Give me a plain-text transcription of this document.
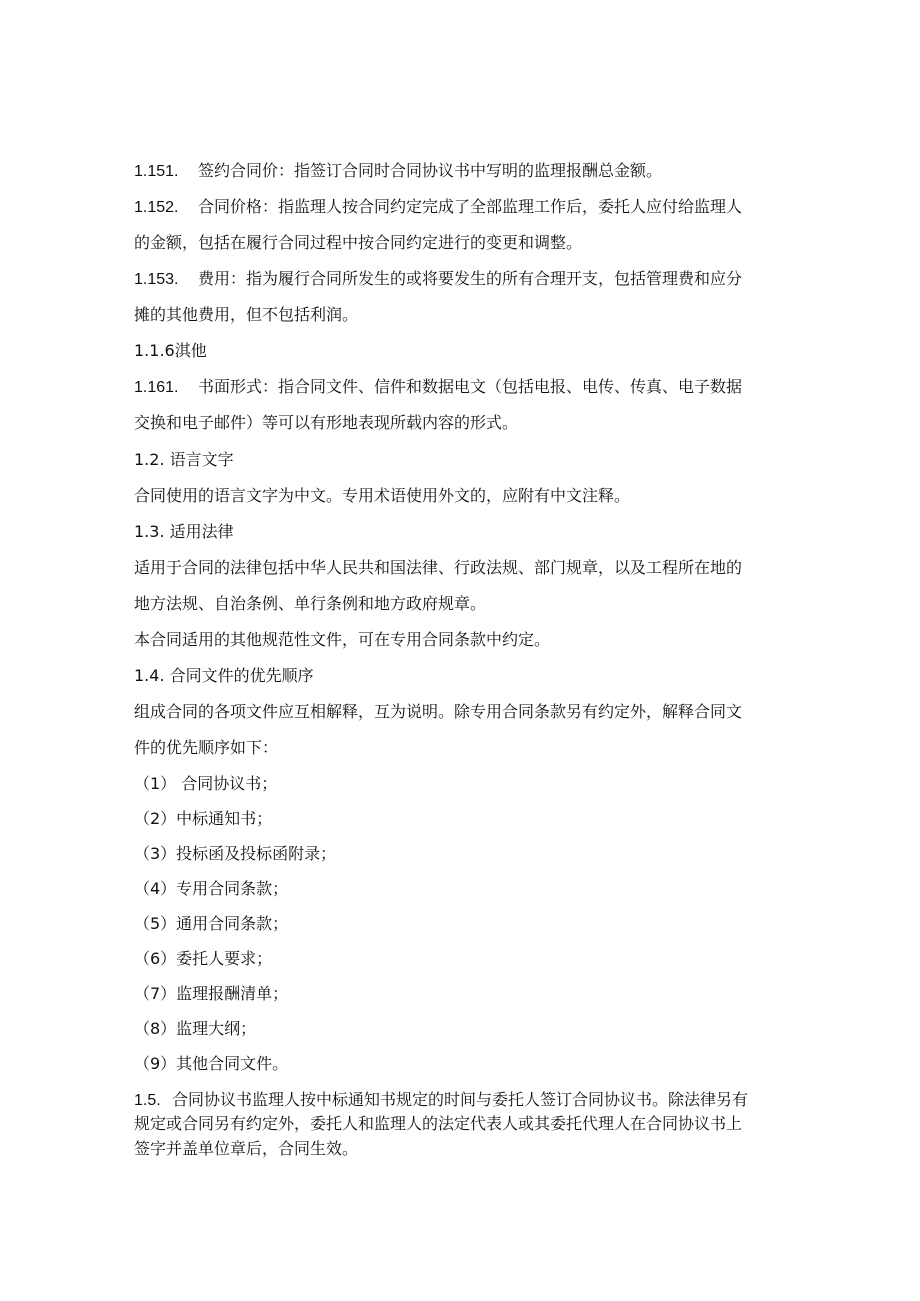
1.151. 签约合同价：指签订合同时合同协议书中写明的监理报酬总金额。
1.152. 合同价格：指监理人按合同约定完成了全部监理工作后，委托人应付给监理人
的金额，包括在履行合同过程中按合同约定进行的变更和调整。
1.153. 费用：指为履行合同所发生的或将要发生的所有合理开支，包括管理费和应分
摊的其他费用，但不包括利润。
1.1.6淇他
1.161. 书面形式：指合同文件、信件和数据电文（包括电报、电传、传真、电子数据
交换和电子邮件）等可以有形地表现所载内容的形式。
1.2. 语言文字
合同使用的语言文字为中文。专用术语使用外文的，应附有中文注释。
1.3. 适用法律
适用于合同的法律包括中华人民共和国法律、行政法规、部门规章，以及工程所在地的
地方法规、自治条例、单行条例和地方政府规章。
本合同适用的其他规范性文件，可在专用合同条款中约定。
1.4. 合同文件的优先顺序
组成合同的各项文件应互相解释，互为说明。除专用合同条款另有约定外，解释合同文
件的优先顺序如下：
（1） 合同协议书；
（2）中标通知书；
（3）投标函及投标函附录；
（4）专用合同条款；
（5）通用合同条款；
（6）委托人要求；
（7）监理报酬清单；
（8）监理大纲；
（9）其他合同文件。
1.5. 合同协议书监理人按中标通知书规定的时间与委托人签订合同协议书。除法律另有
规定或合同另有约定外，委托人和监理人的法定代表人或其委托代理人在合同协议书上
签字并盖单位章后，合同生效。
